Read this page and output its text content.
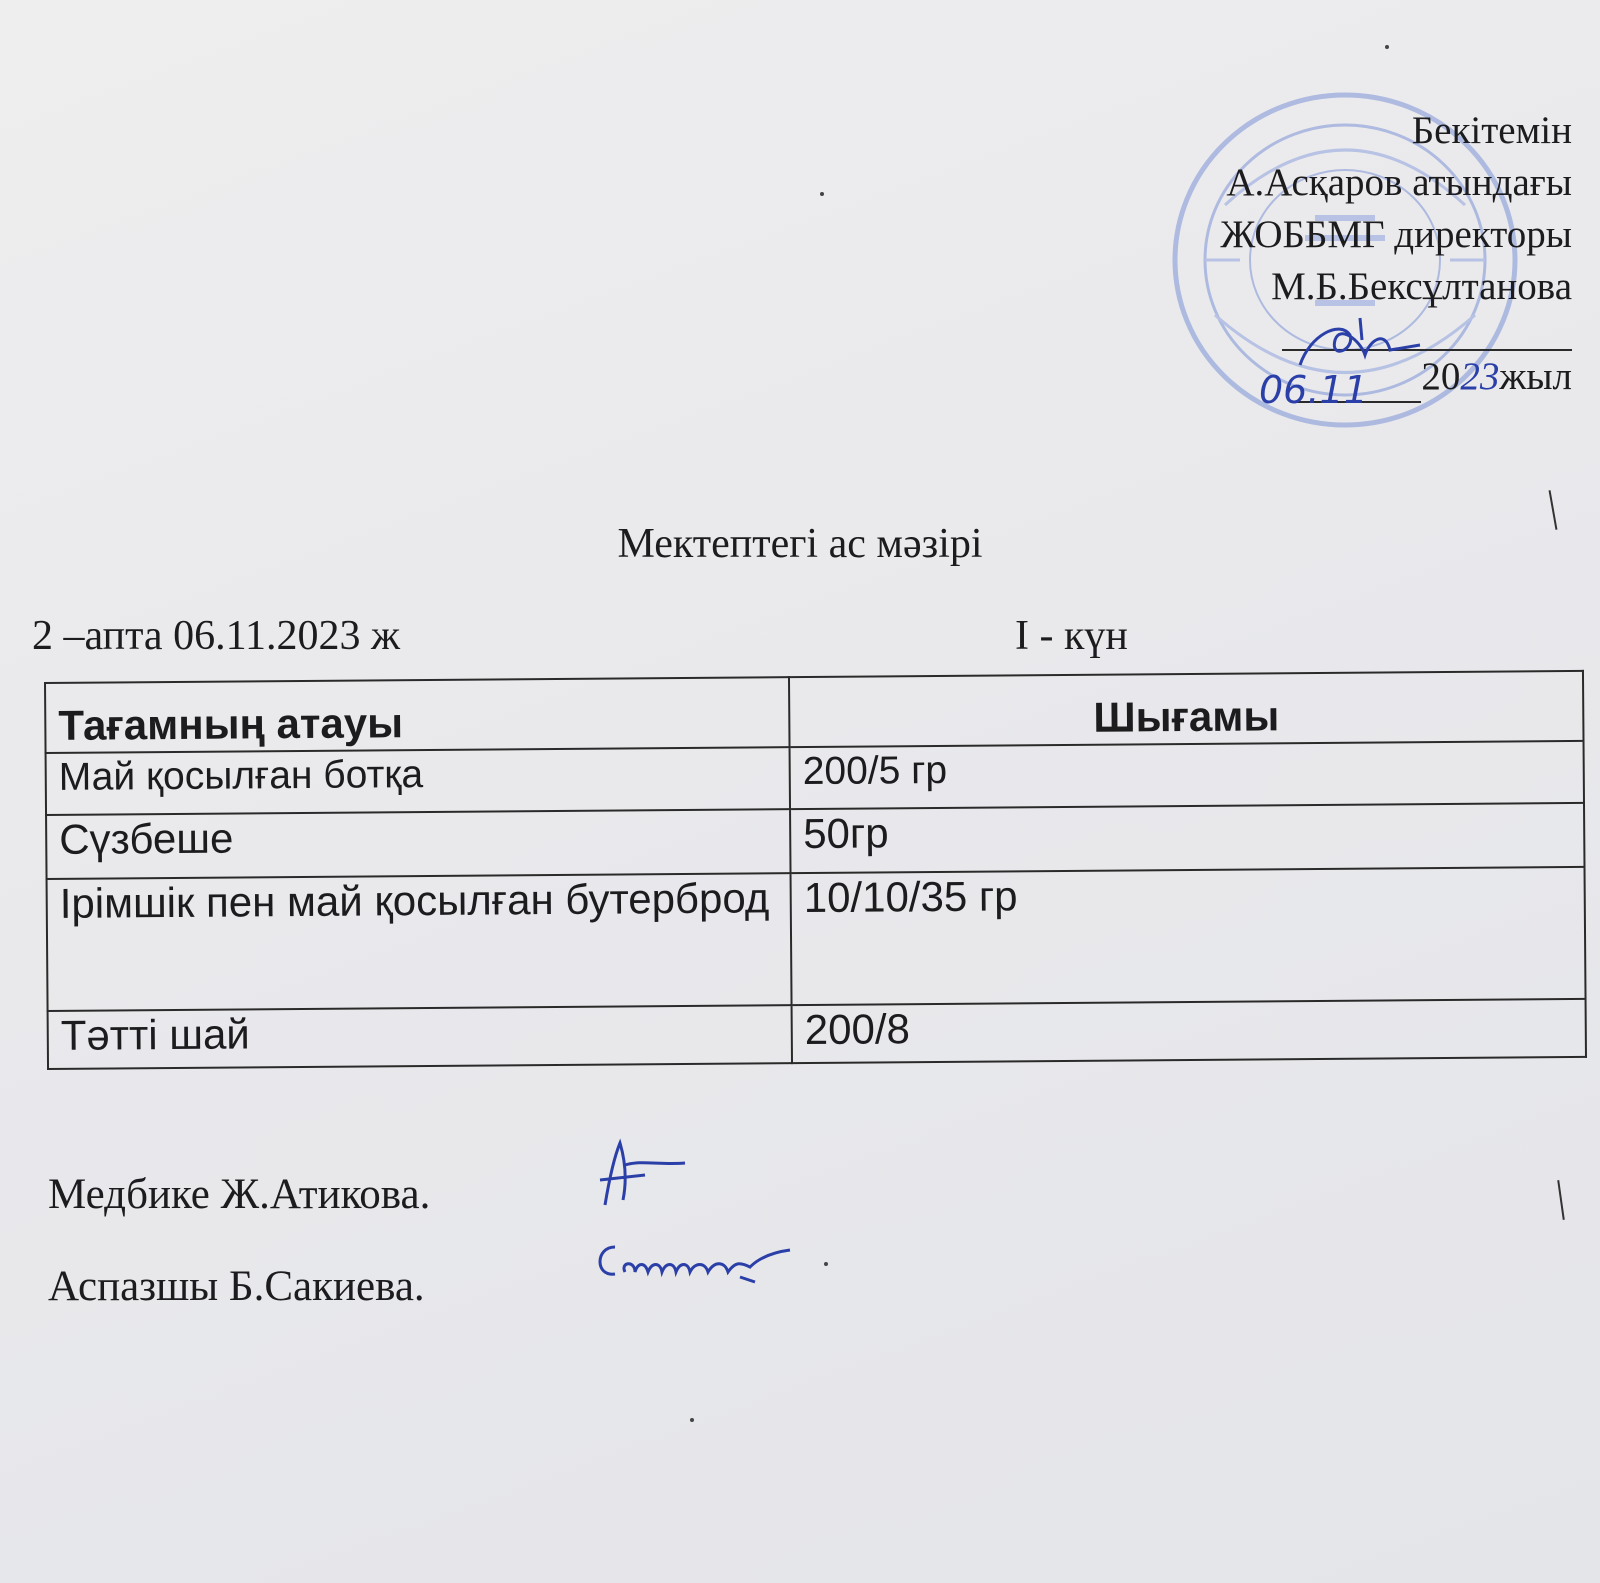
Бекітемін
А.Асқаров атындағы
ЖОББМГ директоры
М.Б.Бексұлтанова
2023жыл
06.11
Мектептегі ас мәзірі
2 –апта 06.11.2023 ж	I - күн
Тағамның атауы	Шығамы
Май қосылған ботқа	200/5 гр
Сүзбеше	50гр
Ірімшік пен май қосылған бутерброд	10/10/35 гр
Тәтті шай	200/8
Медбике Ж.Атикова.
Аспазшы Б.Сакиева.
